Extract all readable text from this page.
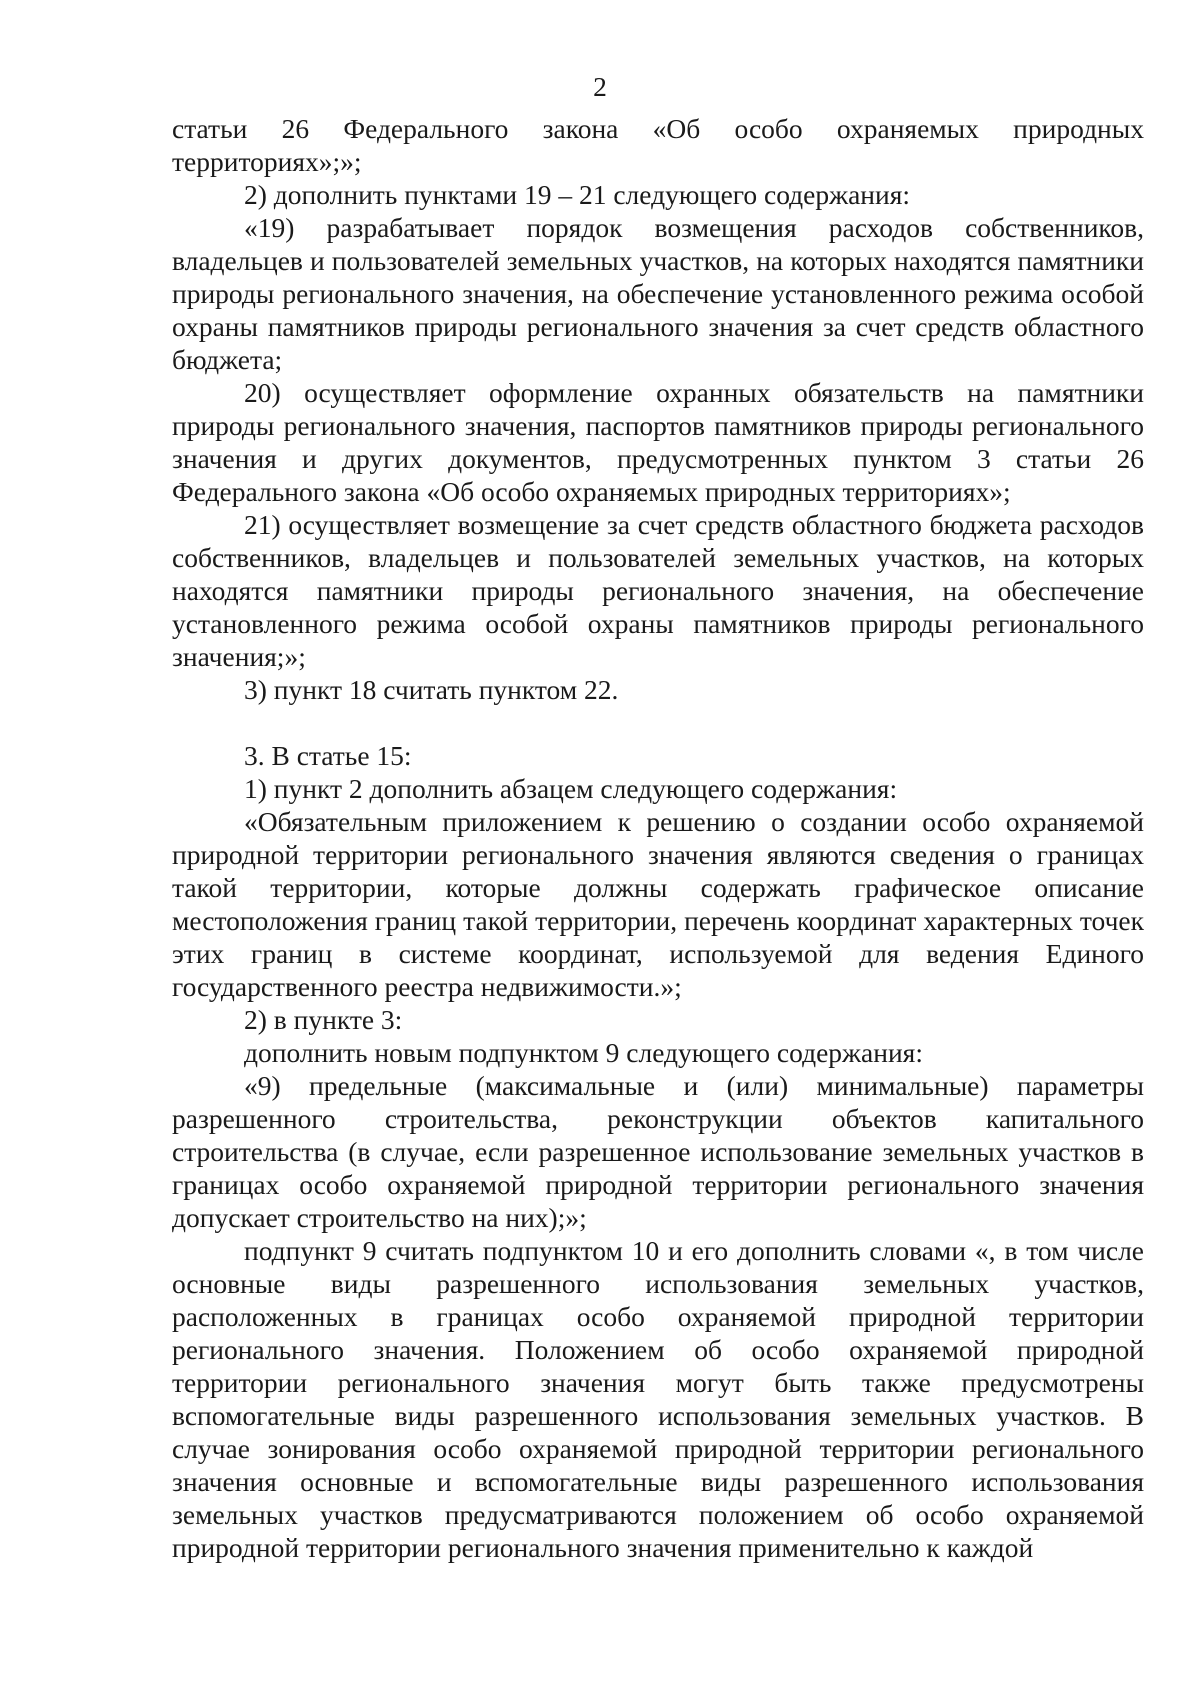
2

статьи 26 Федерального закона «Об особо охраняемых природных территориях»;»;

2) дополнить пунктами 19 – 21 следующего содержания:

«19) разрабатывает порядок возмещения расходов собственников, владельцев и пользователей земельных участков, на которых находятся памятники природы регионального значения, на обеспечение установленного режима особой охраны памятников природы регионального значения за счет средств областного бюджета;

20) осуществляет оформление охранных обязательств на памятники природы регионального значения, паспортов памятников природы регионального значения и других документов, предусмотренных пунктом 3 статьи 26 Федерального закона «Об особо охраняемых природных территориях»;

21) осуществляет возмещение за счет средств областного бюджета расходов собственников, владельцев и пользователей земельных участков, на которых находятся памятники природы регионального значения, на обеспечение установленного режима особой охраны памятников природы регионального значения;»;

3) пункт 18 считать пунктом 22.

3. В статье 15:

1) пункт 2 дополнить абзацем следующего содержания:

«Обязательным приложением к решению о создании особо охраняемой природной территории регионального значения являются сведения о границах такой территории, которые должны содержать графическое описание местоположения границ такой территории, перечень координат характерных точек этих границ в системе координат, используемой для ведения Единого государственного реестра недвижимости.»;

2) в пункте 3:

дополнить новым подпунктом 9 следующего содержания:

«9) предельные (максимальные и (или) минимальные) параметры разрешенного строительства, реконструкции объектов капитального строительства (в случае, если разрешенное использование земельных участков в границах особо охраняемой природной территории регионального значения допускает строительство на них);»;

подпункт 9 считать подпунктом 10 и его дополнить словами «, в том числе основные виды разрешенного использования земельных участков, расположенных в границах особо охраняемой природной территории регионального значения. Положением об особо охраняемой природной территории регионального значения могут быть также предусмотрены вспомогательные виды разрешенного использования земельных участков. В случае зонирования особо охраняемой природной территории регионального значения основные и вспомогательные виды разрешенного использования земельных участков предусматриваются положением об особо охраняемой природной территории регионального значения применительно к каждой
